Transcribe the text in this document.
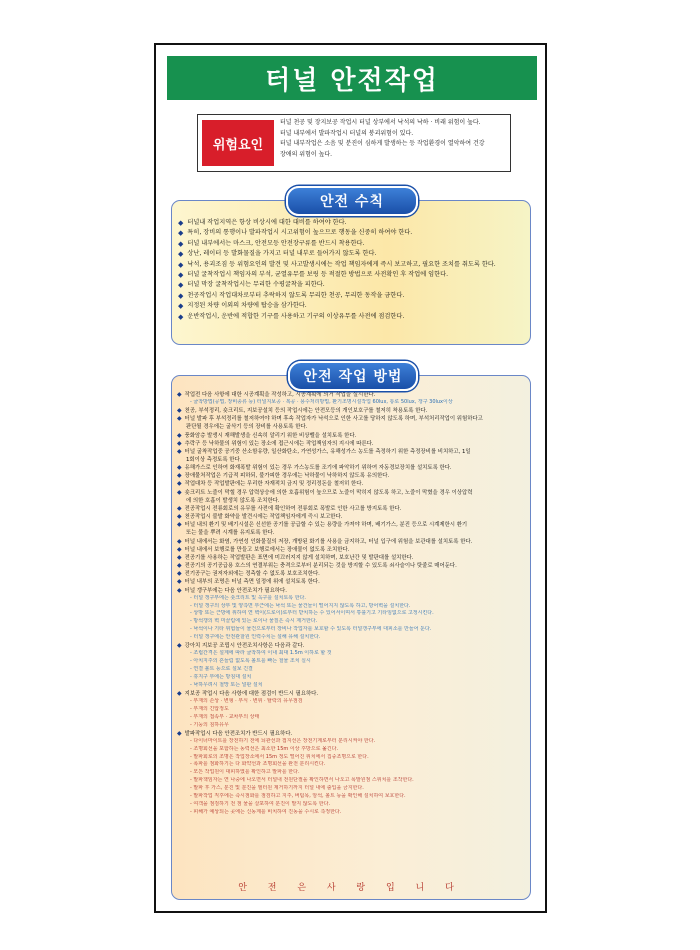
터널 안전작업
위험요인
터널 천공 및 장지보공 작업시 터널 상부에서 낙석의 낙하 · 비래 위험이 높다.
터널 내부에서 발파작업시 터널의 붕괴위험이 있다.
터널 내부작업은 소음 및 분진이 심하게 발생하는 등 작업환경이 열악하여 건강
장애의 위험이 높다.
◆ 터널내 작업지역은 항상 비상시에 대한 대비를 하여야 한다.
◆ 특히, 장비의 통행이나 발파작업시 시고위험이 높으므로 행동을 신중히 하여야 한다.
◆ 터널 내부에서는 마스크, 안전모등 안전장구류를 반드시 착용한다.
◆ 상난, 레이터 등 발화물질을 가지고 터널 내부로 들어가지 않도록 한다.
◆ 낙석, 용괴조짐 등 위험요인의 발견 및 사고발생시에는 작업 책임자에게 즉시 보고하고, 필요한 조치를 취도록 한다.
◆ 터널 굴착작업시 책임자의 부석, 균열유무를 보링 등 적절한 방법으로 사전확인 후 작업에 임한다.
◆ 터널 막장 굴착작업시는 무리한 수평굴착을 피한다.
◆ 천공작업시 작업대차로부터 추락하지 않도록 무리한 천공, 무리한 동작을 금한다.
◆ 지정된 차량 이외의 차량에 탑승을 삼가한다.
◆ 운반작업시, 운반에 적합한 기구를 사용하고 기구의 이상유무를 사전에 점검한다.
안전 수칙
◆ 작업전 다음 사항에 대한 시공계획을 작성하고, 시공계획에 의거 작업을 실시한다.
- 굴착방법(공법, 장비종류 등) 터널지보공 · 복공 · 용수처리방법, 환기조명시설작업 60lux, 통로 50lux, 갱구 30lux이상
◆ 천공, 부석정리, 숏크리트, 지보공설치 등의 작업시에는 안전모등의 개인보호구를 철저히 착용토록 한다.
◆ 터널 발파 후 부석정리를 철저하여야 하며 후속 작업자가 낙석으로 인한 사고를 당하지 않도록 하며, 부석처리작업이 위험하다고
판단될 경우에는 굴삭기 등의 장비를 사용토록 한다.
◆ 풍화암층 발생시 재해발생을 신속히 알리기 위한 비상벨을 설치토록 한다.
◆ 추락구 등 낙하물의 위험이 있는 장소에 접근시에는 작업책임자의 지시에 따른다.
◆ 터널 굴착작업중 공기중 산소함유량, 일산화탄소, 가연성가스, 유해성가스 농도를 측정하기 위한 측정장비를 비치하고, 1일
1회이상 측정토록 한다.
◆ 유해가스로 인하여 화재폭발 위험이 있는 경우 가스농도를 조기에 파악하기 위하여 자동경보장치를 설치토록 한다.
◆ 장애물처작업은 기급적 피하되, 불가피한 경우에는 낙하물이 낙하하지 않도록 유의한다.
◆ 작업대차 등 작업발판에는 무리한 자재적치 금지 및 정리정돈을 철저히 한다.
◆ 숏크리트 노즐이 막힐 경우 압력상승에 의한 호흡위험이 높으므로 노즐이 막히지 않도록 하고, 노즐이 막혔을 경우 이상압력
에 의한 호흡이 발생치 않도록 조치한다.
◆ 전공작업시 전류회로의 유무를 사전에 확인하여 전류회로 폭발로 인한 사고를 방지토록 한다.
◆ 천공작업시 불발 화약을 발견시에는 작업책임자에게 즉시 보고한다.
◆ 터널 내의 환기 및 배기시설은 신선한 공기를 공급할 수 있는 용량을 가져야 하며, 배기가스, 분진 등으로 시계제한시 환기
또는 물을 뿌려 시계를 유지토록 한다.
◆ 터널 내에서는 화염, 가연성 인화물질의 저장, 개방된 화기를 사용을 금지하고, 터널 입구에 위험을 보관대를 설치토록 한다.
◆ 터널 내에서 보행로를 만들고 보행로에서는 장애물이 없도록 조치한다.
◆ 전공기를 사용하는 작업발판은 표면에 미끄러지지 않게 설치하며, 보호난간 및 발판대를 설치한다.
◆ 전공기의 공기공급용 호스의 연결부위는 충격으로부터 분리되는 것을 방지할 수 있도록 쇠사슬이나 탓줄로 매어둔다.
◆ 전기공구는 권저자외에는 정측할 수 없도록 보호조치한다.
◆ 터널 내부의 조명은 터널 측면 일정에 위에 설치토록 한다.
◆ 터널 갱구부에는 다음 안전조치가 필요하다.
- 터널 갱구부에는 숏크리트 및 옥구를 설치토록 한다.
- 터널 갱구의 상부 및 양측면 부근에는 낙석 또는 물건들이 떨어지지 않도록 하고, 방어벽을 설치한다.
- 상방 또는 근방에 위하여 연 벽이(드로이)로부터 받치하는 수 있어서이며서 튜블기고 기타임없으로 고정시킨다.
- 방석갱의 벽 미끌림에 있는 로이나 물질은 즉시 제거한다.
- 낙석이나 기타 위험들이 물건으로부터 장비나 작업자를 보호할 수 있도록 터널갱구부에 대피소를 만들어 둔다.
- 터널 갱구에는 안전관찰원 인력수치는 설해 유해 설치한다.
◆ 강아치 지보공 조립시 안전조치사항은 다음과 같다.
- 조립간격은 설계에 따라 굴착하여 이내 최대 1.5m 이하로 할 것
- 아치지주의 흔들림 없도록 볼트를 빠는 철물 조치 실시
- 연결 볼트 등으로 설보 긴결
- 휴지구 부에는 방침대 설치
- 낙하우려시 철망 또는 널판 설치
◆ 지보공 작업시 다음 사항에 대한 점검이 반드시 필요하다.
- 부재의 손상 · 변형 · 부식 · 변위 · 탈락의 유무점검
- 부재의 긴압정도
- 부재의 접속부 · 교차부의 상태
- 기둥의 침하유무
◆ 발파작업시 다음 안전조치가 반드시 필요하다.
- 다이너마이트를 장전하기 전에 뇌관선과 접지선은 장전기계로부터 분리시켜야 한다.
- 조명회선을 포함하는 동력선은 최소한 15m 이상 후방으로 옮긴다.
- 발파회로의 조명은 작업장소에서 15m 정도 떨어진 위치에서 집중조명으로 한다.
- 폭파를 점화하기는 다 화약선과 조명회선을 완전 분리시킨다.
- 모든 작업원이 대피하였를 확인하고 발파를 한다.
- 발파책임자는 연 나중에 나오면서 터널내 전원단절을 확인하면서 나오고 폭발원점 스위치를 조작한다.
- 발파 후 가스, 분진 및 분진을 필터원 제거하기까지 터널 내에 출입을 금지한다.
- 발파작업 직후에는 즉시점화를 점검하고 지주, 버팀목, 암석, 볼트 등을 확인해 설치하여 보호한다.
- 여객을 점검하기 전 점 물을 살포하여 분진이 발지 않도록 한다.
- 피해가 예상되는 곳에는 신동계를 비치하여 진동을 수시로 측정한다.
안전 작업 방법
안 전 은 사 랑 입 니 다
